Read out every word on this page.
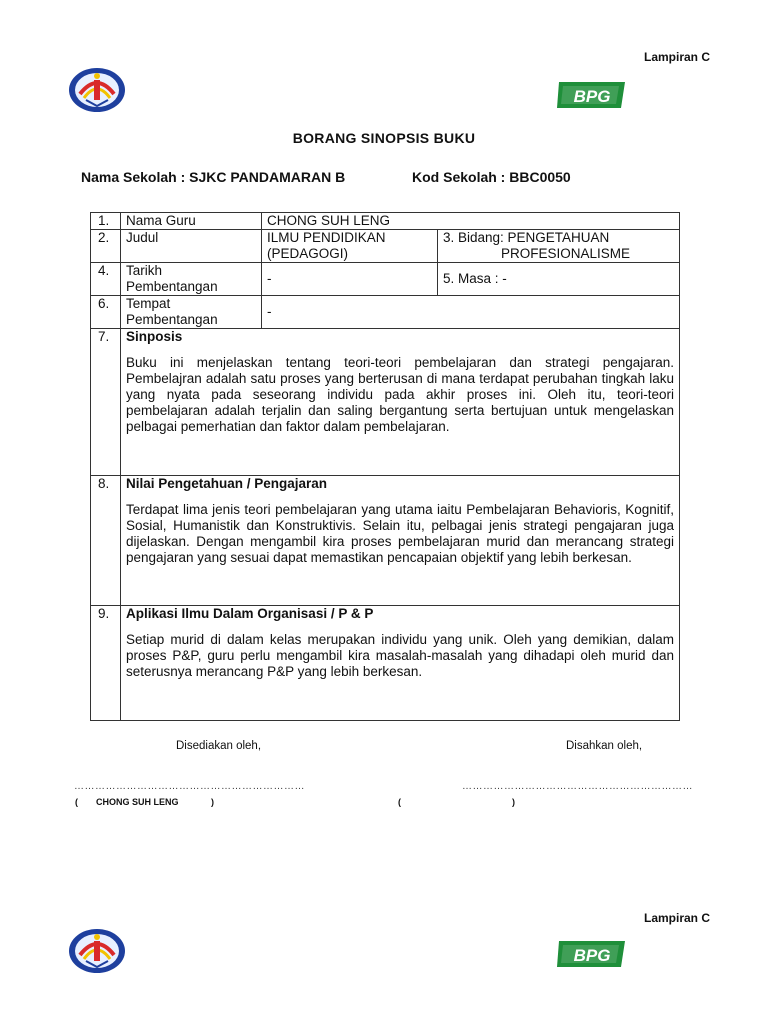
BPG
Lampiran C
BORANG SINOPSIS BUKU
Nama Sekolah : SJKC PANDAMARAN B	Kod Sekolah : BBC0050
1.	Nama Guru	CHONG SUH LENG	
2.	Judul	ILMU PENDIDIKAN (PEDAGOGI)	3. Bidang: PENGETAHUAN
PROFESIONALISME

4.	Tarikh Pembentangan	-	5. Masa : -
6.	Tempat Pembentangan	-	
7.	Sinposis
Buku ini menjelaskan tentang teori-teori pembelajaran dan strategi pengajaran. Pembelajran adalah satu proses yang berterusan di mana terdapat perubahan tingkah laku yang nyata pada seseorang individu pada akhir proses ini. Oleh itu, teori-teori pembelajaran adalah terjalin dan saling bergantung serta bertujuan untuk mengelaskan pelbagai pemerhatian dan faktor dalam pembelajaran.		

8.	Nilai Pengetahuan / Pengajaran
Terdapat lima jenis teori pembelajaran yang utama iaitu Pembelajaran Behavioris, Kognitif, Sosial, Humanistik dan Konstruktivis. Selain itu, pelbagai jenis strategi pengajaran juga dijelaskan. Dengan mengambil kira proses pembelajaran murid dan merancang strategi pengajaran yang sesuai dapat memastikan pencapaian objektif yang lebih berkesan.		

9.	Aplikasi Ilmu Dalam Organisasi / P & P
Setiap murid di dalam kelas merupakan individu yang unik. Oleh yang demikian, dalam proses P&P, guru perlu mengambil kira masalah-masalah yang dihadapi oleh murid dan seterusnya merancang P&P yang lebih berkesan.		
Disediakan oleh,	Disahkan oleh,
…………………………………………………………	…………………………………………………………
( CHONG SUH LENG	)	(	)
Lampiran C
BPG
